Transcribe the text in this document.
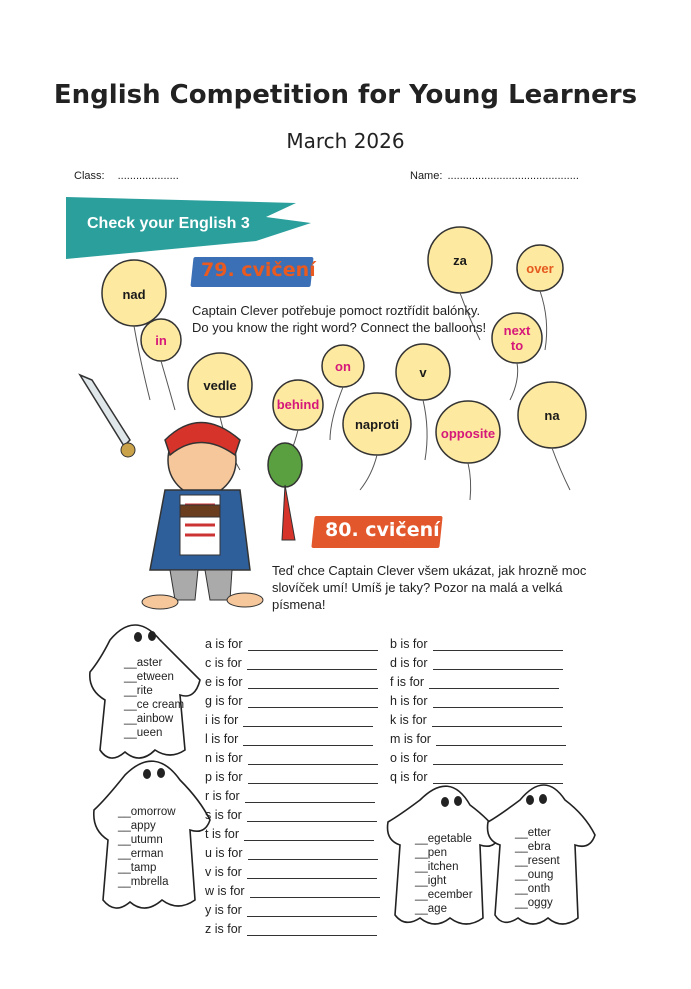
English Competition for Young Learners
March 2026
Class: ....................	Name: ...........................................
Check your English 3
79. cvičení
Captain Clever potřebuje pomoct roztřídit balónky.
Do you know the right word? Connect the balloons!
nad
in
vedle
on
behind
naproti
v
za
over
next to
opposite
na
80. cvičení
Teď chce Captain Clever všem ukázat, jak hrozně moc
slovíček umí! Umíš je taky? Pozor na malá a velká
písmena!
__aster
__etween
__rite
__ce cream
__ainbow
__ueen
__omorrow
__appy
__utumn
__erman
__tamp
__mbrella
__egetable
__pen
__itchen
__ight
__ecember
__age
__etter
__ebra
__resent
__oung
__onth
__oggy
a is for
c is for
e is for
g is for
i is for
l is for
n is for
p is for
r is for
s is for
t is for
u is for
v is for
w is for
y is for
z is for
b is for
d is for
f is for
h is for
k is for
m is for
o is for
q is for
